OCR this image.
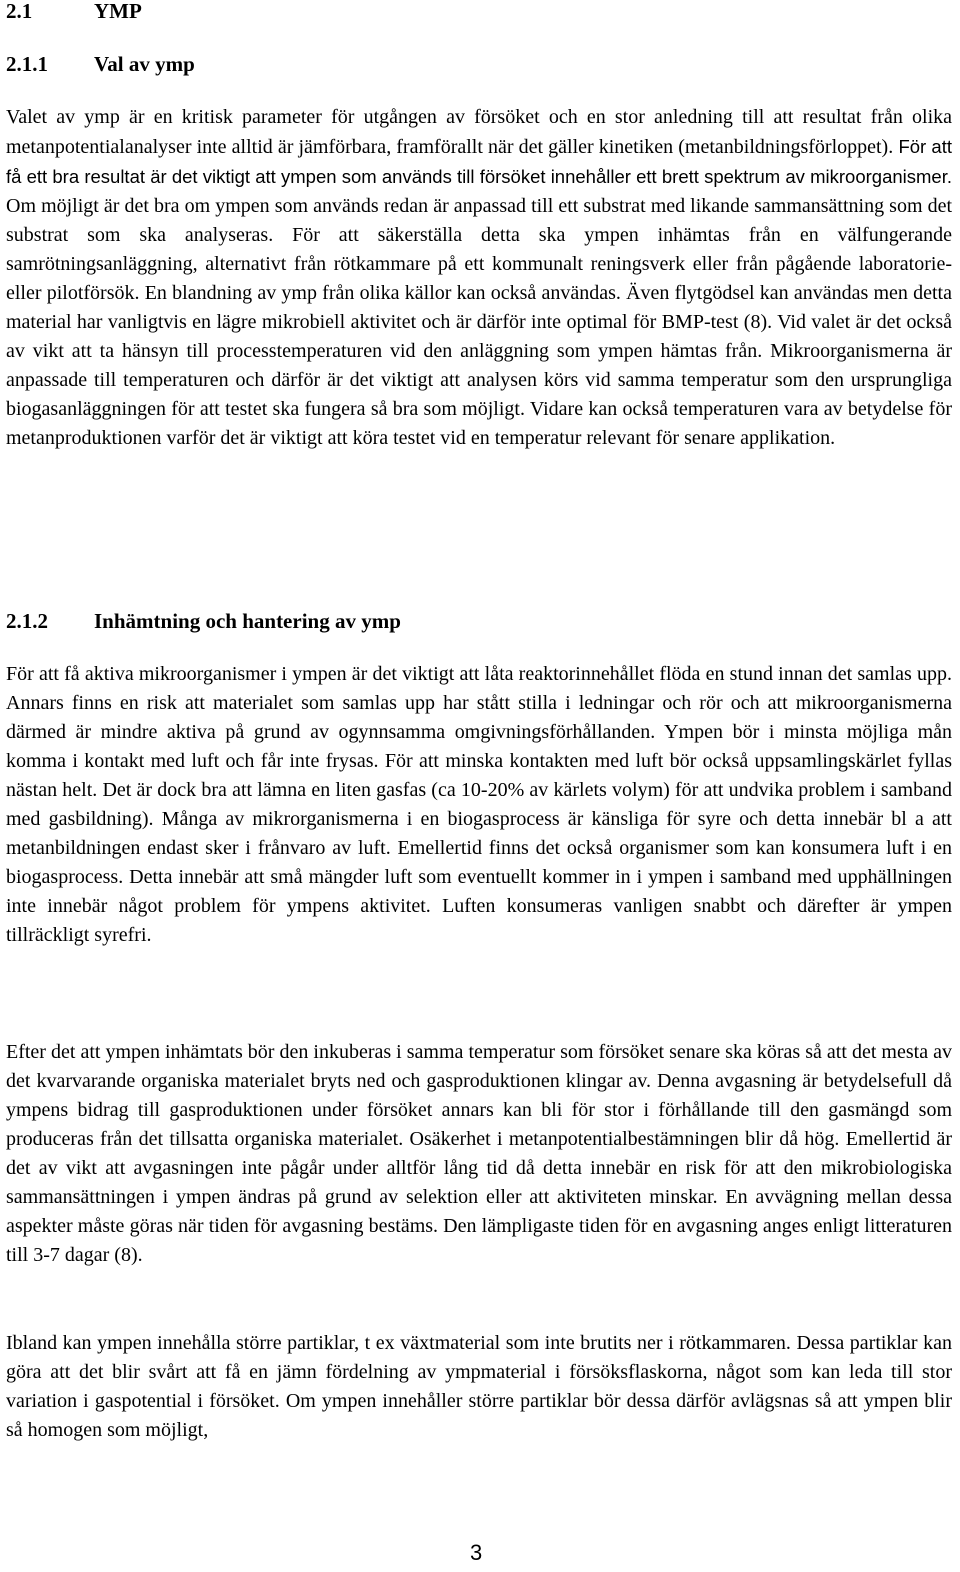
2.1	YMP
2.1.1 Val av ymp

Valet av ymp är en kritisk parameter för utgången av försöket och en stor anledning till att resultat från olika metanpotentialanalyser inte alltid är jämförbara, framförallt när det gäller kinetiken (metanbildningsförloppet). För att få ett bra resultat är det viktigt att ympen som används till försöket innehåller ett brett spektrum av mikroorganismer. Om möjligt är det bra om ympen som används redan är anpassad till ett substrat med likande sammansättning som det substrat som ska analyseras. För att säkerställa detta ska ympen inhämtas från en välfungerande samrötningsanläggning, alternativt från rötkammare på ett kommunalt reningsverk eller från pågående laboratorie- eller pilotförsök. En blandning av ymp från olika källor kan också användas. Även flytgödsel kan användas men detta material har vanligtvis en lägre mikrobiell aktivitet och är därför inte optimal för BMP-test (8). Vid valet är det också av vikt att ta hänsyn till processtemperaturen vid den anläggning som ympen hämtas från. Mikroorganismerna är anpassade till temperaturen och därför är det viktigt att analysen körs vid samma temperatur som den ursprungliga biogasanläggningen för att testet ska fungera så bra som möjligt. Vidare kan också temperaturen vara av betydelse för metanproduktionen varför det är viktigt att köra testet vid en temperatur relevant för senare applikation.

2.1.2 Inhämtning och hantering av ymp

För att få aktiva mikroorganismer i ympen är det viktigt att låta reaktorinnehållet flöda en stund innan det samlas upp. Annars finns en risk att materialet som samlas upp har stått stilla i ledningar och rör och att mikroorganismerna därmed är mindre aktiva på grund av ogynnsamma omgivningsförhållanden. Ympen bör i minsta möjliga mån komma i kontakt med luft och får inte frysas. För att minska kontakten med luft bör också uppsamlingskärlet fyllas nästan helt. Det är dock bra att lämna en liten gasfas (ca 10-20% av kärlets volym) för att undvika problem i samband med gasbildning). Många av mikrorganismerna i en biogasprocess är känsliga för syre och detta innebär bl a att metanbildningen endast sker i frånvaro av luft. Emellertid finns det också organismer som kan konsumera luft i en biogasprocess. Detta innebär att små mängder luft som eventuellt kommer in i ympen i samband med upphällningen inte innebär något problem för ympens aktivitet. Luften konsumeras vanligen snabbt och därefter är ympen tillräckligt syrefri.

Efter det att ympen inhämtats bör den inkuberas i samma temperatur som försöket senare ska köras så att det mesta av det kvarvarande organiska materialet bryts ned och gasproduktionen klingar av. Denna avgasning är betydelsefull då ympens bidrag till gasproduktionen under försöket annars kan bli för stor i förhållande till den gasmängd som produceras från det tillsatta organiska materialet. Osäkerhet i metanpotentialbestämningen blir då hög. Emellertid är det av vikt att avgasningen inte pågår under alltför lång tid då detta innebär en risk för att den mikrobiologiska sammansättningen i ympen ändras på grund av selektion eller att aktiviteten minskar. En avvägning mellan dessa aspekter måste göras när tiden för avgasning bestäms. Den lämpligaste tiden för en avgasning anges enligt litteraturen till 3-7 dagar (8).

Ibland kan ympen innehålla större partiklar, t ex växtmaterial som inte brutits ner i rötkammaren. Dessa partiklar kan göra att det blir svårt att få en jämn fördelning av ympmaterial i försöksflaskorna, något som kan leda till stor variation i gaspotential i försöket. Om ympen innehåller större partiklar bör dessa därför avlägsnas så att ympen blir så homogen som möjligt,

3
